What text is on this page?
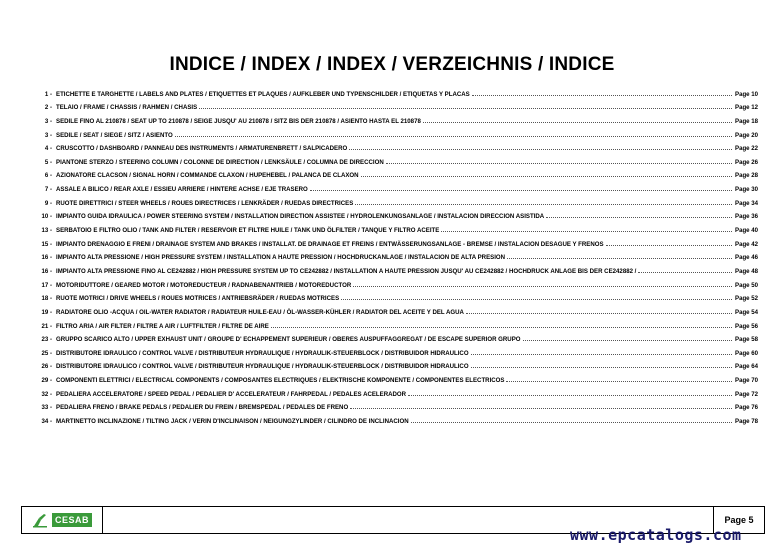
INDICE / INDEX / INDEX / VERZEICHNIS / INDICE
1 - ETICHETTE E TARGHETTE / LABELS AND PLATES / ETIQUETTES ET PLAQUES / AUFKLEBER UND TYPENSCHILDER / ETIQUETAS Y PLACAS	Page 10
2 - TELAIO / FRAME / CHASSIS / RAHMEN / CHASIS	Page 12
3 - SEDILE FINO AL 210878 / SEAT UP TO 210878 / SEIGE JUSQU' AU 210878 / SITZ BIS DER 210878 / ASIENTO HASTA EL 210878	Page 18
3 - SEDILE / SEAT / SIEGE / SITZ / ASIENTO	Page 20
4 - CRUSCOTTO / DASHBOARD / PANNEAU DES INSTRUMENTS / ARMATURENBRETT / SALPICADERO	Page 22
5 - PIANTONE STERZO / STEERING COLUMN / COLONNE DE DIRECTION / LENKSÄULE / COLUMNA DE DIRECCION	Page 26
6 - AZIONATORE CLACSON / SIGNAL HORN / COMMANDE CLAXON / HUPEHEBEL / PALANCA DE CLAXON	Page 28
7 - ASSALE A BILICO / REAR AXLE / ESSIEU ARRIERE / HINTERE ACHSE / EJE TRASERO	Page 30
9 - RUOTE DIRETTRICI / STEER WHEELS / ROUES DIRECTRICES / LENKRÄDER / RUEDAS DIRECTRICES	Page 34
10 - IMPIANTO GUIDA IDRAULICA / POWER STEERING SYSTEM / INSTALLATION DIRECTION ASSISTEE / HYDROLENKUNGSANLAGE / INSTALACION DIRECCION ASISTIDA	Page 36
13 - SERBATOIO E FILTRO OLIO / TANK AND FILTER / RESERVOIR ET FILTRE HUILE / TANK UND ÖLFILTER / TANQUE Y FILTRO ACEITE	Page 40
15 - IMPIANTO DRENAGGIO E FRENI / DRAINAGE SYSTEM AND BRAKES / INSTALLAT. DE DRAINAGE ET FREINS / ENTWÄSSERUNGSANLAGE - BREMSE / INSTALACION DESAGUE Y FRENOS	Page 42
16 - IMPIANTO ALTA PRESSIONE / HIGH PRESSURE SYSTEM / INSTALLATION A HAUTE PRESSION / HOCHDRUCKANLAGE / INSTALACION DE ALTA PRESION	Page 46
16 - IMPIANTO ALTA PRESSIONE FINO AL CE242882 / HIGH PRESSURE SYSTEM UP TO CE242882 / INSTALLATION A HAUTE PRESSION JUSQU' AU CE242882 / HOCHDRUCK ANLAGE BIS DER CE242882 /	Page 48
17 - MOTORIDUTTORE / GEARED MOTOR / MOTOREDUCTEUR / RADNABENANTRIEB / MOTOREDUCTOR	Page 50
18 - RUOTE MOTRICI / DRIVE WHEELS / ROUES MOTRICES / ANTRIEBSRÄDER / RUEDAS MOTRICES	Page 52
19 - RADIATORE OLIO -ACQUA / OIL-WATER RADIATOR / RADIATEUR HUILE-EAU / ÖL-WASSER-KÜHLER / RADIATOR DEL ACEITE Y DEL AGUA	Page 54
21 - FILTRO ARIA / AIR FILTER / FILTRE A AIR / LUFTFILTER / FILTRE DE AIRE	Page 56
23 - GRUPPO SCARICO ALTO / UPPER EXHAUST UNIT / GROUPE D' ECHAPPEMENT SUPERIEUR / OBERES AUSPUFFAGGREGAT / DE ESCAPE SUPERIOR GRUPO	Page 58
25 - DISTRIBUTORE IDRAULICO / CONTROL VALVE / DISTRIBUTEUR HYDRAULIQUE / HYDRAULIK-STEUERBLOCK / DISTRIBUIDOR HIDRAULICO	Page 60
26 - DISTRIBUTORE IDRAULICO / CONTROL VALVE / DISTRIBUTEUR HYDRAULIQUE / HYDRAULIK-STEUERBLOCK / DISTRIBUIDOR HIDRAULICO	Page 64
29 - COMPONENTI ELETTRICI / ELECTRICAL COMPONENTS / COMPOSANTES ELECTRIQUES / ELEKTRISCHE KOMPONENTE / COMPONENTES ELECTRICOS	Page 70
32 - PEDALIERA ACCELERATORE / SPEED PEDAL / PEDALIER D' ACCELERATEUR / FAHRPEDAL / PEDALES ACELERADOR	Page 72
33 - PEDALIERA FRENO / BRAKE PEDALS / PEDALIER DU FREIN / BREMSPEDAL / PEDALES DE FRENO	Page 76
34 - MARTINETTO INCLINAZIONE / TILTING JACK / VERIN D'INCLINAISON / NEIGUNGZYLINDER / CILINDRO DE INCLINACION	Page 78
CESAB	Page 5
www.epcatalogs.com
